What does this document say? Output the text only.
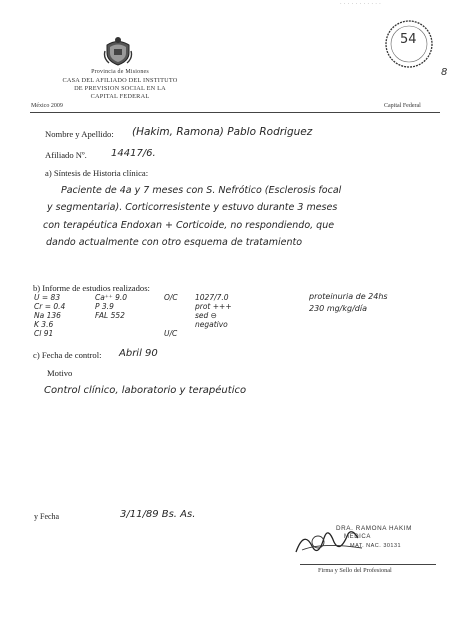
· · · · · · · · · · ·
Provincia de Misiones
CASA DEL AFILIADO DEL INSTITUTO
DE PREVISION SOCIAL EN LA
CAPITAL FEDERAL
México 2009	Capital Federal
54
8
Nombre y Apellido: (Hakim, Ramona) Pablo Rodriguez
Afiliado Nº. 14417/6.
a) Síntesis de Historia clínica:
Paciente de 4a y 7 meses con S. Nefrótico (Esclerosis focal
y segmentaria). Corticorresistente y estuvo durante 3 meses
con terapéutica Endoxan + Corticoide, no respondiendo, que
dando actualmente con otro esquema de tratamiento
b) Informe de estudios realizados:
U = 83
Cr = 0.4
Na 136
K 3.6
Cl 91
Ca⁺⁺ 9.0
P 3.9
FAL 552
O/C

U/C
1027/7.0
prot +++
sed ⊖
negativo
proteinuria de 24hs
230 mg/kg/día
c) Fecha de control: Abril 90
Motivo
Control clínico, laboratorio y terapéutico
y Fecha	3/11/89 Bs. As.
DRA. RAMONA HAKIM
MEDICA
MAT. NAC. 30131
Firma y Sello del Profesional
